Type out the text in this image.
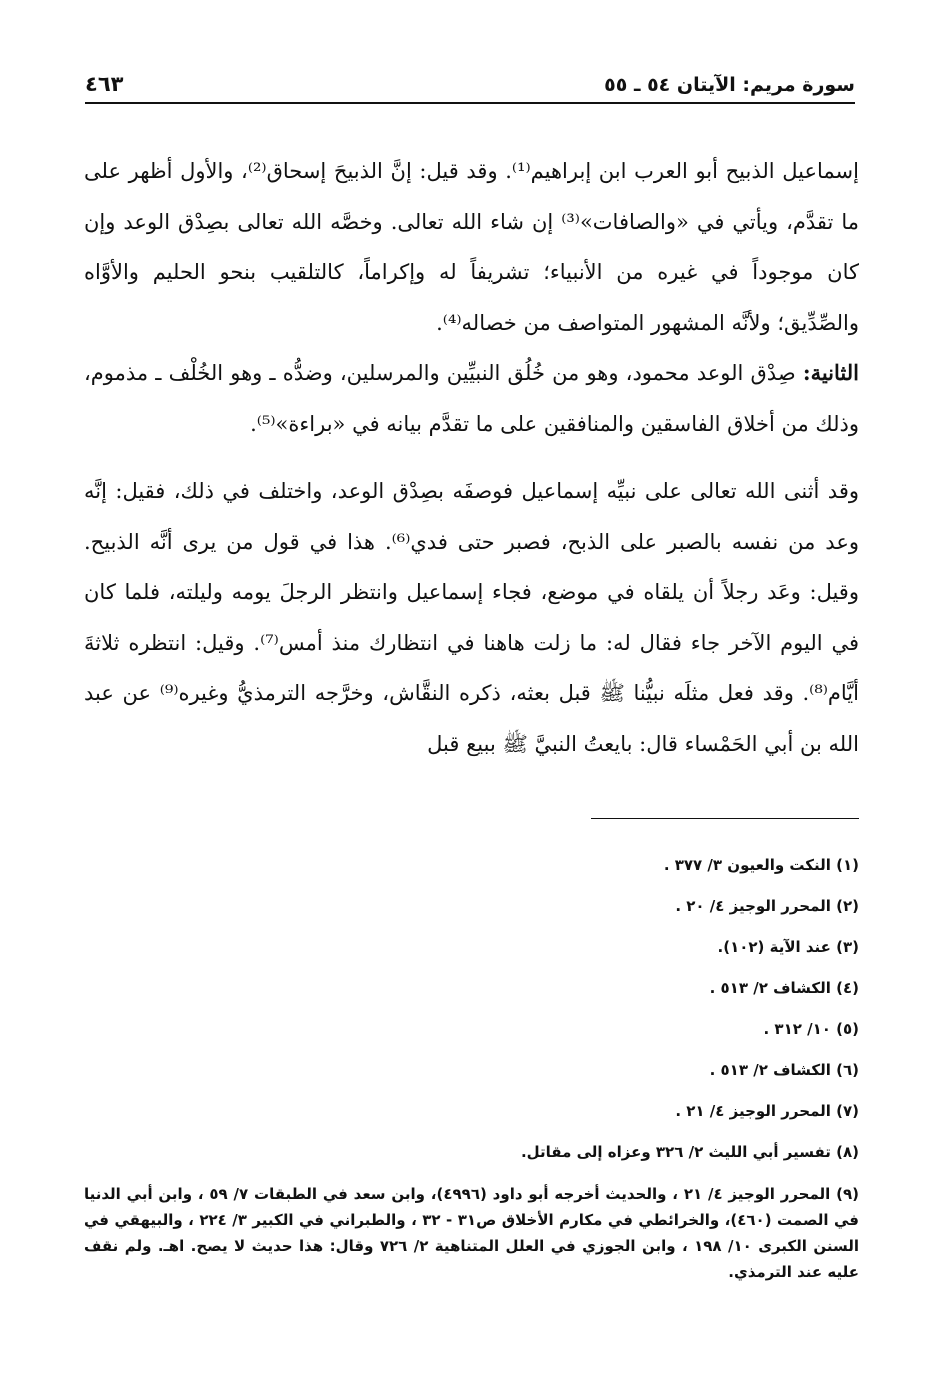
سورة مريم: الآيتان ٥٤ ـ ٥٥
٤٦٣

إسماعيل الذبيح أبو العرب ابن إبراهيم⁽¹⁾. وقد قيل: إنَّ الذبيحَ إسحاق⁽²⁾، والأول أظهر على ما تقدَّم، ويأتي في «والصافات»⁽³⁾ إن شاء الله تعالى. وخصَّه الله تعالى بصِدْق الوعد وإن كان موجوداً في غيره من الأنبياء؛ تشريفاً له وإكراماً، كالتلقيب بنحو الحليم والأوَّاه والصِّدِّيق؛ ولأنَّه المشهور المتواصف من خصاله⁽⁴⁾.

الثانية: صِدْق الوعد محمود، وهو من خُلُق النبيِّين والمرسلين، وضدُّه ـ وهو الخُلْف ـ مذموم، وذلك من أخلاق الفاسقين والمنافقين على ما تقدَّم بيانه في «براءة»⁽⁵⁾.

وقد أثنى الله تعالى على نبيِّه إسماعيل فوصفَه بصِدْق الوعد، واختلف في ذلك، فقيل: إنَّه وعد من نفسه بالصبر على الذبح، فصبر حتى فدي⁽⁶⁾. هذا في قول من يرى أنَّه الذبيح. وقيل: وعَد رجلاً أن يلقاه في موضع، فجاء إسماعيل وانتظر الرجلَ يومه وليلته، فلما كان في اليوم الآخر جاء فقال له: ما زلت هاهنا في انتظارك منذ أمس⁽⁷⁾. وقيل: انتظره ثلاثةَ أيَّام⁽⁸⁾. وقد فعل مثلَه نبيُّنا ﷺ قبل بعثه، ذكره النقَّاش، وخرَّجه الترمذيُّ وغيره⁽⁹⁾ عن عبد الله بن أبي الحَمْساء قال: بايعتُ النبيَّ ﷺ ببيع قبل

(١) النكت والعيون ٣/ ٣٧٧ .

(٢) المحرر الوجيز ٤/ ٢٠ .

(٣) عند الآية (١٠٢).

(٤) الكشاف ٢/ ٥١٣ .

(٥) ١٠/ ٣١٢ .

(٦) الكشاف ٢/ ٥١٣ .

(٧) المحرر الوجيز ٤/ ٢١ .

(٨) تفسير أبي الليث ٢/ ٣٢٦ وعزاه إلى مقاتل.

(٩) المحرر الوجيز ٤/ ٢١ ، والحديث أخرجه أبو داود (٤٩٩٦)، وابن سعد في الطبقات ٧/ ٥٩ ، وابن أبي الدنيا في الصمت (٤٦٠)، والخرائطي في مكارم الأخلاق ص٣١ - ٣٢ ، والطبراني في الكبير ٣/ ٢٢٤ ، والبيهقي في السنن الكبرى ١٠/ ١٩٨ ، وابن الجوزي في العلل المتناهية ٢/ ٧٢٦ وقال: هذا حديث لا يصح. اهـ. ولم نقف عليه عند الترمذي.
